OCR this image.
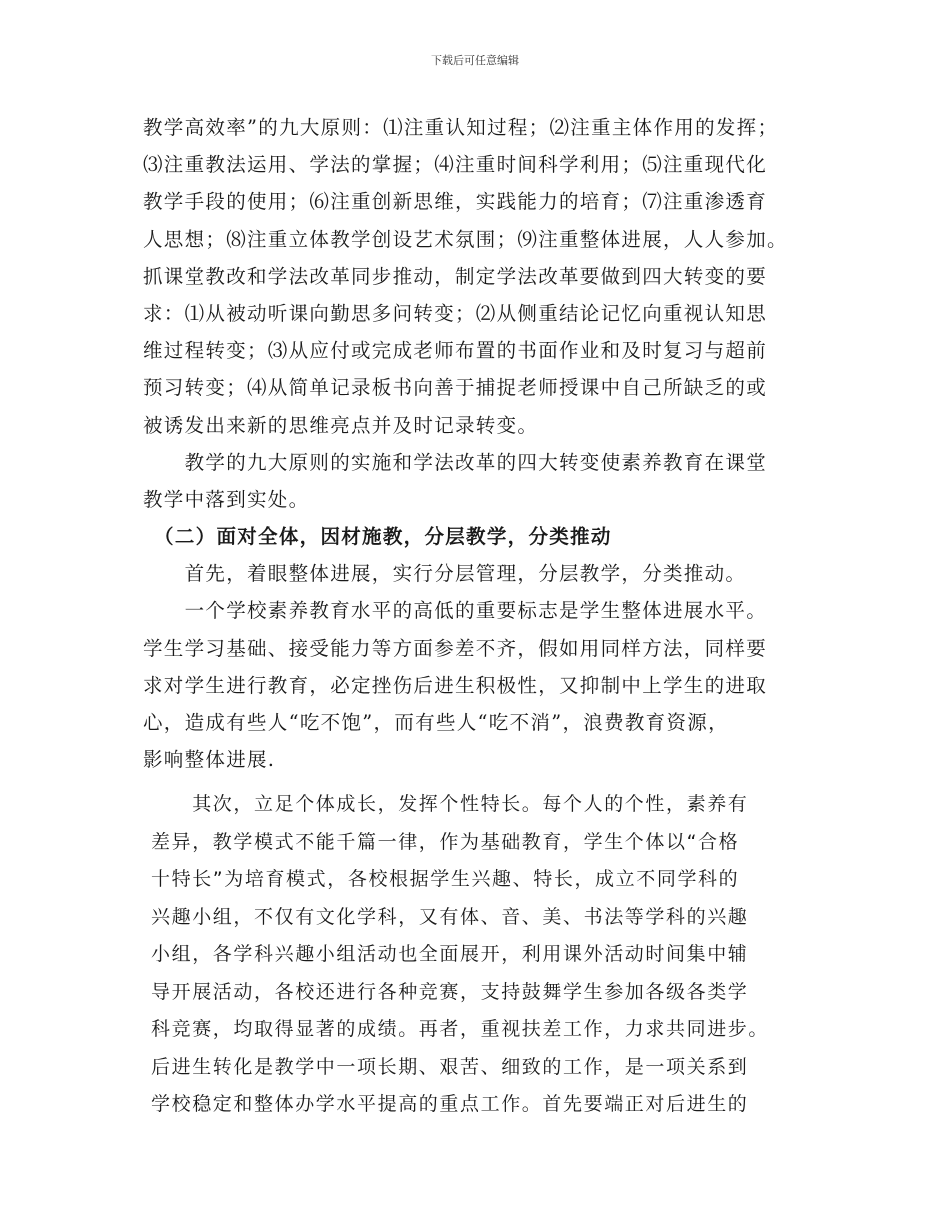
下载后可任意编辑
教学高效率”的九大原则：⑴注重认知过程；⑵注重主体作用的发挥；
⑶注重教法运用、学法的掌握；⑷注重时间科学利用；⑸注重现代化
教学手段的使用；⑹注重创新思维，实践能力的培育；⑺注重渗透育
人思想；⑻注重立体教学创设艺术氛围；⑼注重整体进展，人人参加。
抓课堂教改和学法改革同步推动，制定学法改革要做到四大转变的要
求：⑴从被动听课向勤思多问转变；⑵从侧重结论记忆向重视认知思
维过程转变；⑶从应付或完成老师布置的书面作业和及时复习与超前
预习转变；⑷从简单记录板书向善于捕捉老师授课中自己所缺乏的或
被诱发出来新的思维亮点并及时记录转变。
　　教学的九大原则的实施和学法改革的四大转变使素养教育在课堂
教学中落到实处。
　（二）面对全体，因材施教，分层教学，分类推动
　　首先，着眼整体进展，实行分层管理，分层教学，分类推动。
　　一个学校素养教育水平的高低的重要标志是学生整体进展水平。
学生学习基础、接受能力等方面参差不齐，假如用同样方法，同样要
求对学生进行教育，必定挫伤后进生积极性，又抑制中上学生的进取
心，造成有些人“吃不饱”，而有些人“吃不消”，浪费教育资源，
影响整体进展.
　　其次，立足个体成长，发挥个性特长。每个人的个性，素养有
差异，教学模式不能千篇一律，作为基础教育，学生个体以“合格
十特长”为培育模式，各校根据学生兴趣、特长，成立不同学科的
兴趣小组，不仅有文化学科，又有体、音、美、书法等学科的兴趣
小组，各学科兴趣小组活动也全面展开，利用课外活动时间集中辅
导开展活动，各校还进行各种竞赛，支持鼓舞学生参加各级各类学
科竞赛，均取得显著的成绩。再者，重视扶差工作，力求共同进步。
后进生转化是教学中一项长期、艰苦、细致的工作，是一项关系到
学校稳定和整体办学水平提高的重点工作。首先要端正对后进生的
